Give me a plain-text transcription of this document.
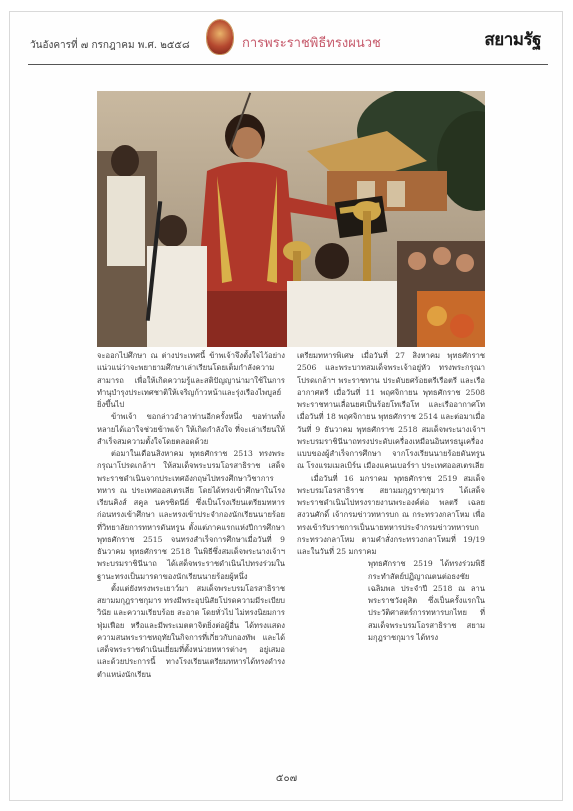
วันอังคารที่ ๗ กรกฎาคม พ.ศ. ๒๕๕๘	การพระราชพิธีทรงผนวช	สยามรัฐ

จะออกไปศึกษา ณ ต่างประเทศนี้ ข้าพเจ้าจึงตั้งใจไว้อย่างแน่วแน่ว่าจะพยายามศึกษาเล่าเรียนโดยเต็มกำลังความสามารถ เพื่อให้เกิดความรู้และสติปัญญาน่ามาใช้ในการทำนุบำรุงประเทศชาติให้เจริญก้าวหน้าและรุ่งเรืองไพบูลย์ยิ่งขึ้นไป

ข้าพเจ้า ขอกล่าวอำลาท่านอีกครั้งหนึ่ง ขอท่านทั้งหลายได้เอาใจช่วยข้าพเจ้า ให้เกิดกำลังใจ ที่จะเล่าเรียนให้สำเร็จสมความตั้งใจโดยตลอดด้วย

ต่อมาในเดือนสิงหาคม พุทธศักราช 2513 ทรงพระกรุณาโปรดเกล้าฯ ให้สมเด็จพระบรมโอรสาธิราช เสด็จพระราชดำเนินจากประเทศอังกฤษไปทรงศึกษาวิชาการทหาร ณ ประเทศออสเตรเลีย โดยได้ทรงเข้าศึกษาในโรงเรียนคิงส์ สคูล นครซิดนีย์ ซึ่งเป็นโรงเรียนเตรียมทหาร ก่อนทรงเข้าศึกษา และทรงเข้าประจำกองนักเรียนนายร้อย ที่วิทยาลัยการทหารดันทรูน ตั้งแต่ภาคแรกแห่งปีการศึกษา พุทธศักราช 2515 จนทรงสำเร็จการศึกษาเมื่อวันที่ 9 ธันวาคม พุทธศักราช 2518 ในพิธีซึ่งสมเด็จพระนางเจ้าฯ พระบรมราชินีนาถ ได้เสด็จพระราชดำเนินไปทรงร่วมในฐานะทรงเป็นมารดาของนักเรียนนายร้อยผู้หนึ่ง

ตั้งแต่ยังทรงพระเยาว์มา สมเด็จพระบรมโอรสาธิราช สยามมกุฎราชกุมาร ทรงมีพระอุปนิสัยโปรดความมีระเบียบวินัย และความเรียบร้อย สะอาด โดยทั่วไป ไม่ทรงนิยมการฟุ่มเฟือย หรือและมีพระเมตตาจิตยิ่งต่อผู้อื่น ได้ทรงแสดงความสนพระราชหฤทัยในกิจการที่เกี่ยวกับกองทัพ และได้เสด็จพระราชดำเนินเยี่ยมที่ตั้งหน่วยทหารต่างๆ อยู่เสมอ และด้วยประการนี้ ทางโรงเรียนเตรียมทหารได้ทรงดำรงตำแหน่งนักเรียน

เตรียมทหารพิเศษ เมื่อวันที่ 27 สิงหาคม พุทธศักราช 2506 และพระบาทสมเด็จพระเจ้าอยู่หัว ทรงพระกรุณาโปรดเกล้าฯ พระราชทาน ประดับยศร้อยตรีเรือตรี และเรืออากาศตรี เมื่อวันที่ 11 พฤศจิกายน พุทธศักราช 2508 พระราชทานเลื่อนยศเป็นร้อยโทเรือโท และเรืออากาศโท เมื่อวันที่ 18 พฤศจิกายน พุทธศักราช 2514 และต่อมาเมื่อวันที่ 9 ธันวาคม พุทธศักราช 2518 สมเด็จพระนางเจ้าฯ พระบรมราชินีนาถทรงประดับเครื่องเหมือนอินทรธนูเครื่องแบบของผู้สำเร็จการศึกษา จากโรงเรียนนายร้อยดันทรูน ณ โรงแรมเมลเบิร์น เมืองแคนเบอร์รา ประเทศออสเตรเลีย

เมื่อวันที่ 16 มกราคม พุทธศักราช 2519 สมเด็จพระบรมโอรสาธิราช สยามมกุฎราชกุมาร ได้เสด็จพระราชดำเนินไปทรงรายงานพระองค์ต่อ พลตรี เฉลย สงวนศักดิ์ เจ้ากรมข่าวทหารบก ณ กระทรวงกลาโหม เพื่อทรงเข้ารับราชการเป็นนายทหารประจำกรมข่าวทหารบก กระทรวงกลาโหม ตามคำสั่งกระทรวงกลาโหมที่ 19/19 และในวันที่ 25 มกราคม

พุทธศักราช 2519 ได้ทรงร่วมพิธีกระทำสัตย์ปฏิญาณตนต่อธงชัยเฉลิมพล ประจำปี 2518 ณ ลานพระราชวังดุสิต ซึ่งเป็นครั้งแรกในประวัติศาสตร์การทหารบกไทย ที่สมเด็จพระบรมโอรสาธิราช สยามมกุฎราชกุมาร ได้ทรง

๕๐๗
